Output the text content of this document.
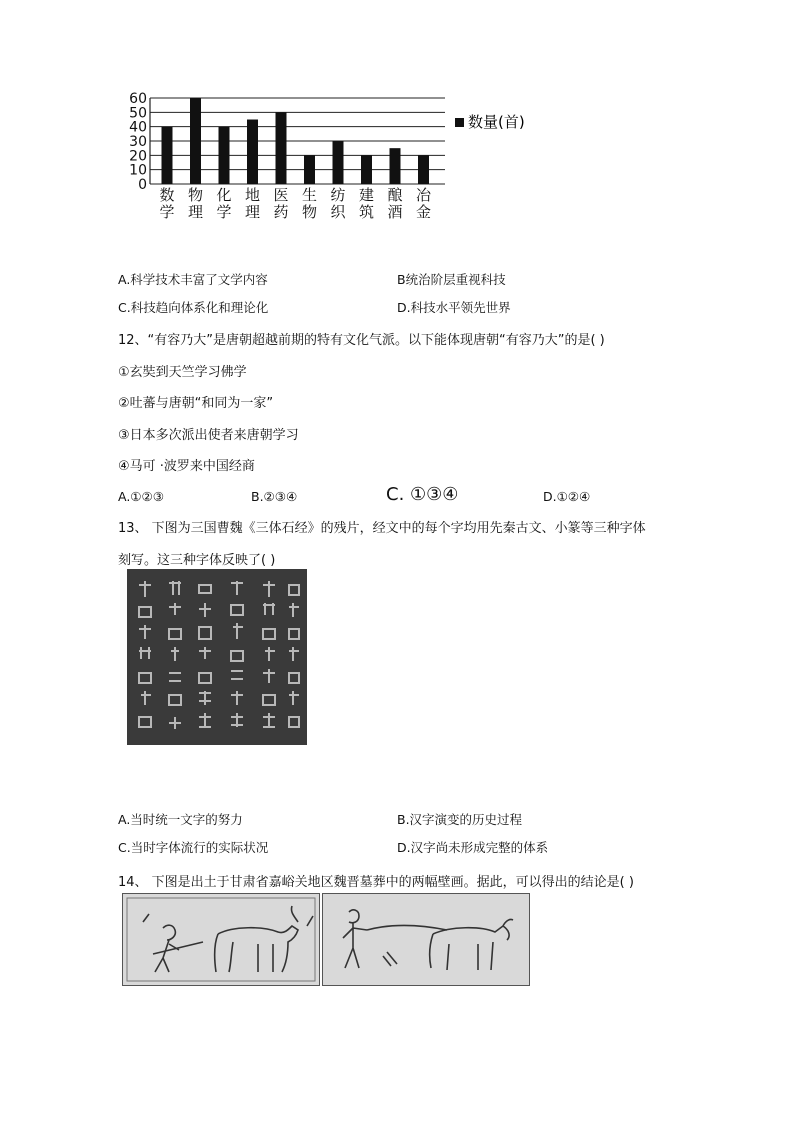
0
10
20
30
40
50
60
数
学
物
理
化
学
地
理
医
药
生
物
纺
织
建
筑
酿
酒
冶
金
数量(首)
A.科学技术丰富了文学内容	B统治阶层重视科技
C.科技趋向体系化和理论化	D.科技水平领先世界
12、“有容乃大”是唐朝超越前期的特有文化气派。以下能体现唐朝“有容乃大”的是( )
①玄奘到天竺学习佛学
②吐蕃与唐朝“和同为一家”
③日本多次派出使者来唐朝学习
④马可 ·波罗来中国经商
A.①②③	B.②③④	C. ①③④	D.①②④
13、 下图为三国曹魏《三体石经》的残片，经文中的每个字均用先秦古文、小篆等三种字体
刻写。这三种字体反映了( )
A.当时统一文字的努力	B.汉字演变的历史过程
C.当时字体流行的实际状况	D.汉字尚未形成完整的体系
14、 下图是出土于甘肃省嘉峪关地区魏晋墓葬中的两幅壁画。据此，可以得出的结论是( )
